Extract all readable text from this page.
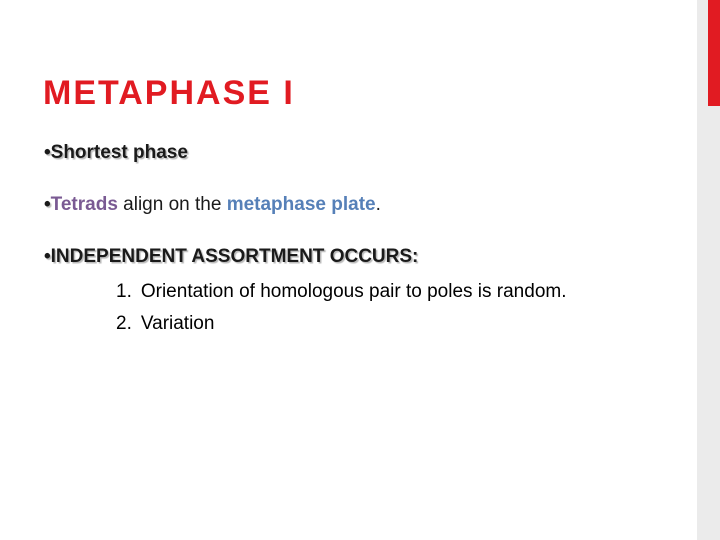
METAPHASE I

•Shortest phase

•Tetrads align on the metaphase plate.

•INDEPENDENT ASSORTMENT OCCURS:

1. Orientation of homologous pair to poles is random.

2. Variation
